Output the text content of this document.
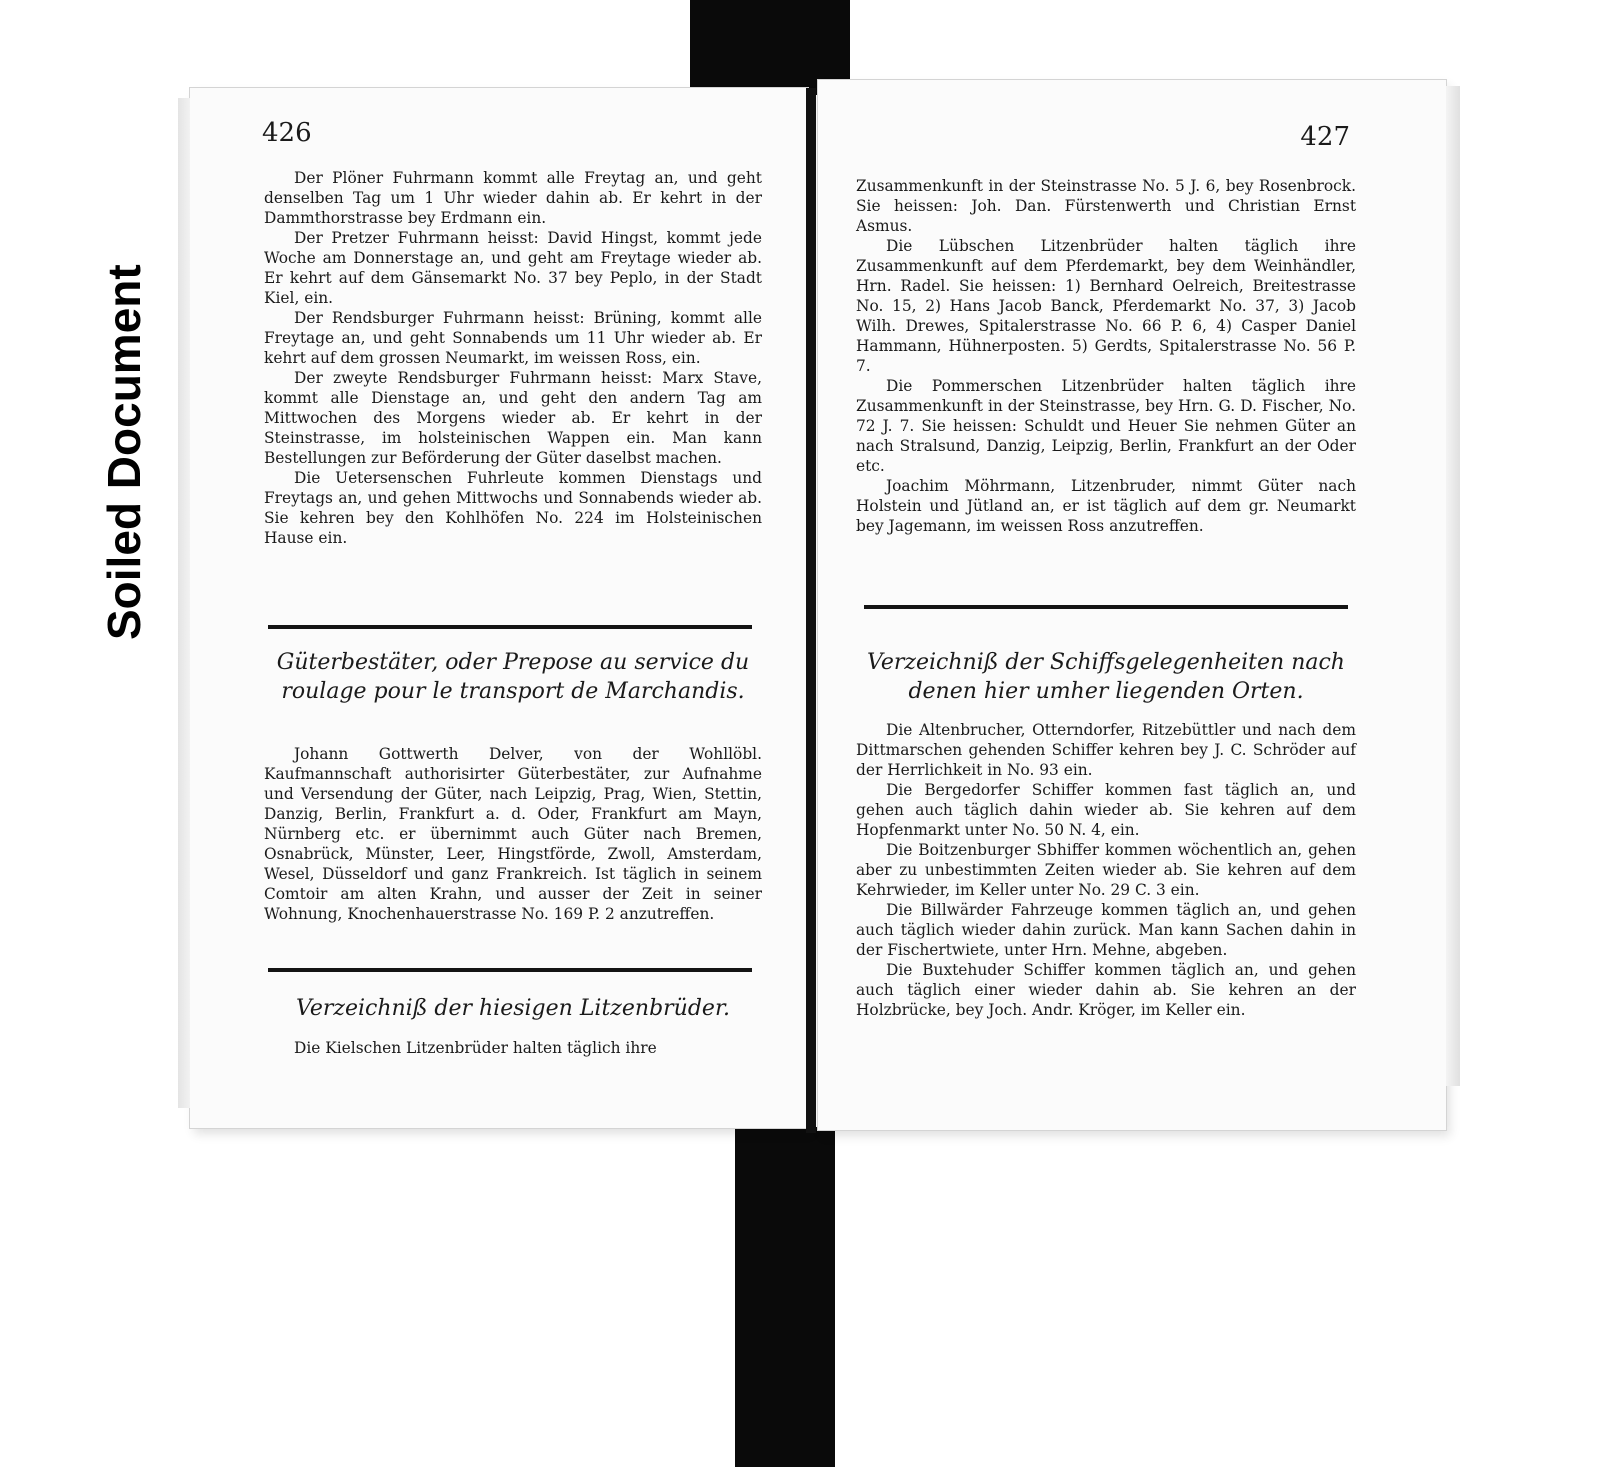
Soiled Document
426

Der Plöner Fuhrmann kommt alle Freytag an, und geht denselben Tag um 1 Uhr wieder dahin ab. Er kehrt in der Dammthorstrasse bey Erdmann ein.

Der Pretzer Fuhrmann heisst: David Hingst, kommt jede Woche am Donnerstage an, und geht am Freytage wieder ab. Er kehrt auf dem Gänsemarkt No. 37 bey Peplo, in der Stadt Kiel, ein.

Der Rendsburger Fuhrmann heisst: Brüning, kommt alle Freytage an, und geht Sonnabends um 11 Uhr wieder ab. Er kehrt auf dem grossen Neumarkt, im weissen Ross, ein.

Der zweyte Rendsburger Fuhrmann heisst: Marx Stave, kommt alle Dienstage an, und geht den andern Tag am Mittwochen des Morgens wieder ab. Er kehrt in der Steinstrasse, im holsteinischen Wappen ein. Man kann Bestellungen zur Beförderung der Güter daselbst machen.

Die Uetersenschen Fuhrleute kommen Dienstags und Freytags an, und gehen Mittwochs und Sonnabends wieder ab. Sie kehren bey den Kohlhöfen No. 224 im Holsteinischen Hause ein.

Güterbestäter, oder Prepose au service du roulage pour le transport de Marchandis.

Johann Gottwerth Delver, von der Wohllöbl. Kaufmannschaft authorisirter Güterbestäter, zur Aufnahme und Versendung der Güter, nach Leipzig, Prag, Wien, Stettin, Danzig, Berlin, Frankfurt a. d. Oder, Frankfurt am Mayn, Nürnberg etc. er übernimmt auch Güter nach Bremen, Osnabrück, Münster, Leer, Hingstförde, Zwoll, Amsterdam, Wesel, Düsseldorf und ganz Frankreich. Ist täglich in seinem Comtoir am alten Krahn, und ausser der Zeit in seiner Wohnung, Knochenhauerstrasse No. 169 P. 2 anzutreffen.

Verzeichniß der hiesigen Litzenbrüder.

Die Kielschen Litzenbrüder halten täglich ihre

427

Zusammenkunft in der Steinstrasse No. 5 J. 6, bey Rosenbrock. Sie heissen: Joh. Dan. Fürstenwerth und Christian Ernst Asmus.

Die Lübschen Litzenbrüder halten täglich ihre Zusammenkunft auf dem Pferdemarkt, bey dem Weinhändler, Hrn. Radel. Sie heissen: 1) Bernhard Oelreich, Breitestrasse No. 15, 2) Hans Jacob Banck, Pferdemarkt No. 37, 3) Jacob Wilh. Drewes, Spitalerstrasse No. 66 P. 6, 4) Casper Daniel Hammann, Hühnerposten. 5) Gerdts, Spitalerstrasse No. 56 P. 7.

Die Pommerschen Litzenbrüder halten täglich ihre Zusammenkunft in der Steinstrasse, bey Hrn. G. D. Fischer, No. 72 J. 7. Sie heissen: Schuldt und Heuer Sie nehmen Güter an nach Stralsund, Danzig, Leipzig, Berlin, Frankfurt an der Oder etc.

Joachim Möhrmann, Litzenbruder, nimmt Güter nach Holstein und Jütland an, er ist täglich auf dem gr. Neumarkt bey Jagemann, im weissen Ross anzutreffen.

Verzeichniß der Schiffsgelegenheiten nach denen hier umher liegenden Orten.

Die Altenbrucher, Otterndorfer, Ritzebüttler und nach dem Dittmarschen gehenden Schiffer kehren bey J. C. Schröder auf der Herrlichkeit in No. 93 ein.

Die Bergedorfer Schiffer kommen fast täglich an, und gehen auch täglich dahin wieder ab. Sie kehren auf dem Hopfenmarkt unter No. 50 N. 4, ein.

Die Boitzenburger Sbhiffer kommen wöchentlich an, gehen aber zu unbestimmten Zeiten wieder ab. Sie kehren auf dem Kehrwieder, im Keller unter No. 29 C. 3 ein.

Die Billwärder Fahrzeuge kommen täglich an, und gehen auch täglich wieder dahin zurück. Man kann Sachen dahin in der Fischertwiete, unter Hrn. Mehne, abgeben.

Die Buxtehuder Schiffer kommen täglich an, und gehen auch täglich einer wieder dahin ab. Sie kehren an der Holzbrücke, bey Joch. Andr. Kröger, im Keller ein.
